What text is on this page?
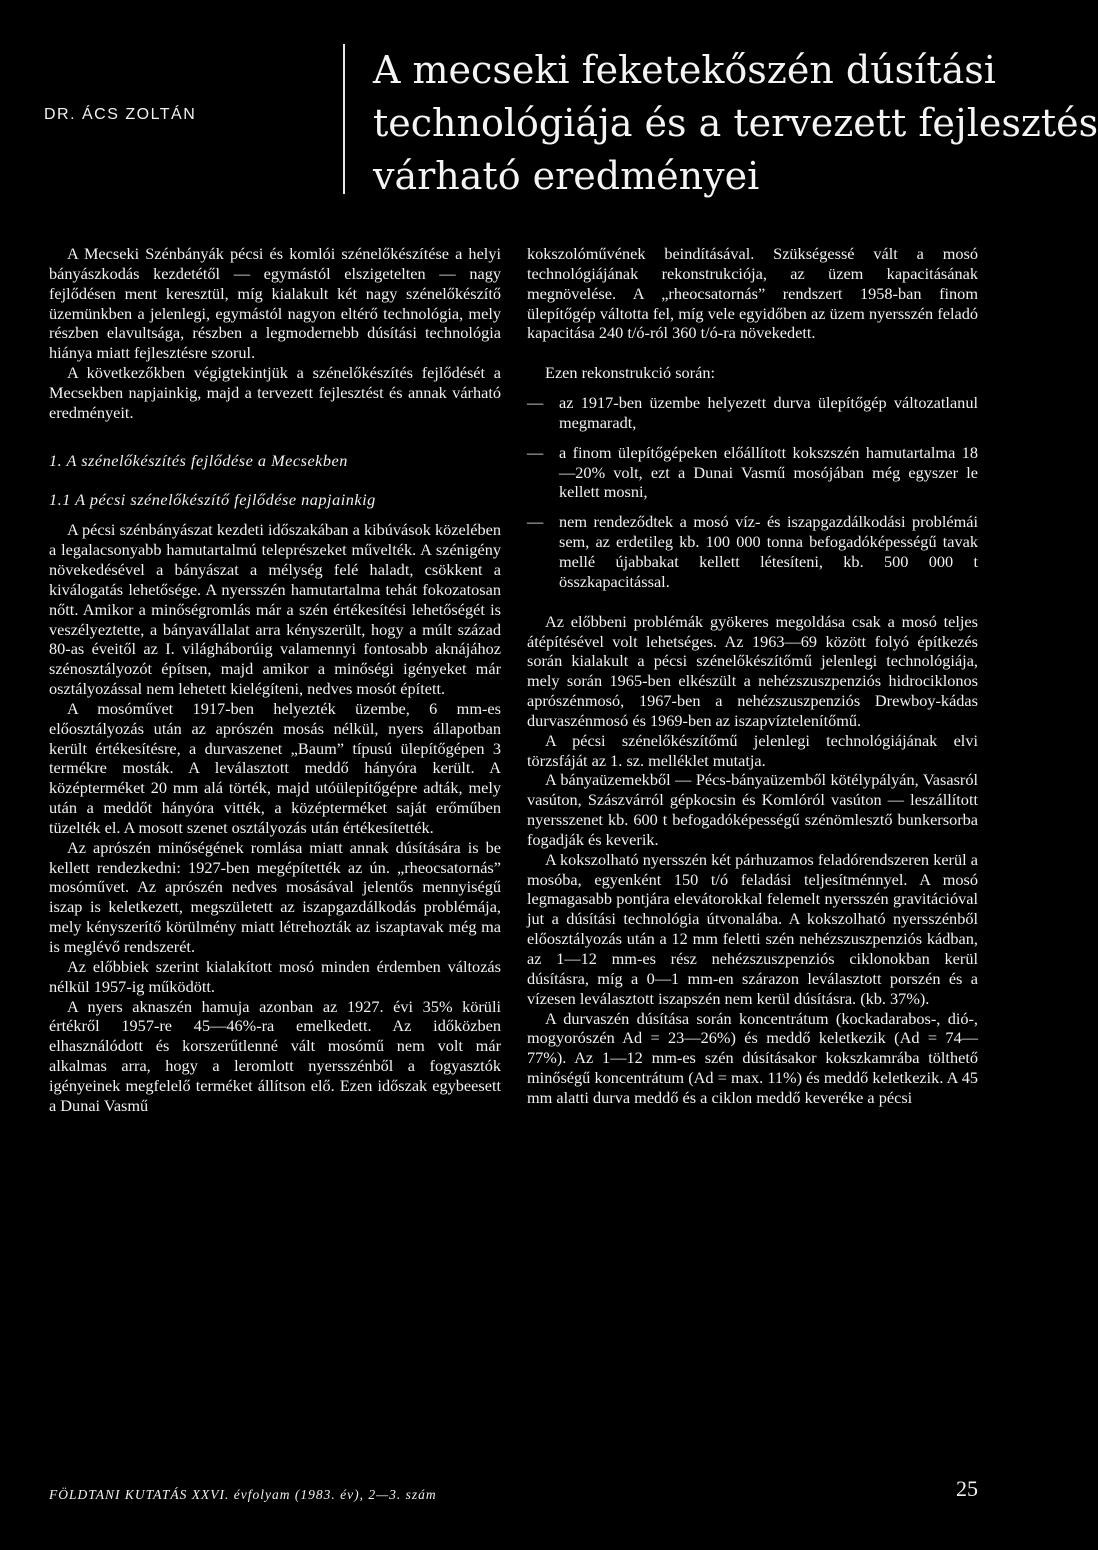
DR. ÁCS ZOLTÁN
A mecseki feketekőszén dúsítási
technológiája és a tervezett fejlesztés
várható eredményei

A Mecseki Szénbányák pécsi és komlói szénelőkészítése a helyi bányászkodás kezdetétől — egymástól elszigetelten — nagy fejlődésen ment keresztül, míg kialakult két nagy szénelőkészítő üzemünkben a jelenlegi, egymástól nagyon eltérő technológia, mely részben elavultsága, részben a legmodernebb dúsítási technológia hiánya miatt fejlesztésre szorul.

A következőkben végigtekintjük a szénelőkészítés fejlődését a Mecsekben napjainkig, majd a tervezett fejlesztést és annak várható eredményeit.

1. A szénelőkészítés fejlődése a Mecsekben
1.1 A pécsi szénelőkészítő fejlődése napjainkig

A pécsi szénbányászat kezdeti időszakában a kibúvások közelében a legalacsonyabb hamutartalmú teleprészeket művelték. A szénigény növekedésével a bányászat a mélység felé haladt, csökkent a kiválogatás lehetősége. A nyersszén hamutartalma tehát fokozatosan nőtt. Amikor a minőségromlás már a szén értékesítési lehetőségét is veszélyeztette, a bányavállalat arra kényszerült, hogy a múlt század 80-as éveitől az I. világháborúig valamennyi fontosabb aknájához szénosztályozót építsen, majd amikor a minőségi igényeket már osztályozással nem lehetett kielégíteni, nedves mosót épített.

A mosóművet 1917-ben helyezték üzembe, 6 mm-es előosztályozás után az aprószén mosás nélkül, nyers állapotban került értékesítésre, a durvaszenet „Baum” típusú ülepítőgépen 3 termékre mosták. A leválasztott meddő hányóra került. A középterméket 20 mm alá törték, majd utóülepítőgépre adták, mely után a meddőt hányóra vitték, a középterméket saját erőműben tüzelték el. A mosott szenet osztályozás után értékesítették.

Az aprószén minőségének romlása miatt annak dúsítására is be kellett rendezkedni: 1927-ben megépítették az ún. „rheocsatornás” mosóművet. Az aprószén nedves mosásával jelentős mennyiségű iszap is keletkezett, megszületett az iszapgazdálkodás problémája, mely kényszerítő körülmény miatt létrehozták az iszaptavak még ma is meglévő rendszerét.

Az előbbiek szerint kialakított mosó minden érdemben változás nélkül 1957-ig működött.

A nyers aknaszén hamuja azonban az 1927. évi 35% körüli értékről 1957-re 45—46%-ra emelkedett. Az időközben elhasználódott és korszerűtlenné vált mosómű nem volt már alkalmas arra, hogy a leromlott nyersszénből a fogyasztók igényeinek megfelelő terméket állítson elő. Ezen időszak egybeesett a Dunai Vasmű

kokszolóművének beindításával. Szükségessé vált a mosó technológiájának rekonstrukciója, az üzem kapacitásának megnövelése. A „rheocsatornás” rendszert 1958-ban finom ülepítőgép váltotta fel, míg vele egyidőben az üzem nyersszén feladó kapacitása 240 t/ó-ról 360 t/ó-ra növekedett.

Ezen rekonstrukció során:

— az 1917-ben üzembe helyezett durva ülepítőgép változatlanul megmaradt,
— a finom ülepítőgépeken előállított kokszszén hamutartalma 18—20% volt, ezt a Dunai Vasmű mosójában még egyszer le kellett mosni,
— nem rendeződtek a mosó víz- és iszapgazdálkodási problémái sem, az erdetileg kb. 100 000 tonna befogadóképességű tavak mellé újabbakat kellett létesíteni, kb. 500 000 t összkapacitással.

Az előbbeni problémák gyökeres megoldása csak a mosó teljes átépítésével volt lehetséges. Az 1963—69 között folyó építkezés során kialakult a pécsi szénelőkészítőmű jelenlegi technológiája, mely során 1965-ben elkészült a nehézszuszpenziós hidrociklonos aprószénmosó, 1967-ben a nehézszuszpenziós Drewboy-kádas durvaszénmosó és 1969-ben az iszapvíztelenítőmű.

A pécsi szénelőkészítőmű jelenlegi technológiájának elvi törzsfáját az 1. sz. melléklet mutatja.

A bányaüzemekből — Pécs-bányaüzemből kötélypályán, Vasasról vasúton, Szászvárról gépkocsin és Komlóról vasúton — leszállított nyersszenet kb. 600 t befogadóképességű szénömlesztő bunkersorba fogadják és keverik.

A kokszolható nyersszén két párhuzamos feladórendszeren kerül a mosóba, egyenként 150 t/ó feladási teljesítménnyel. A mosó legmagasabb pontjára elevátorokkal felemelt nyersszén gravitációval jut a dúsítási technológia útvonalába. A kokszolható nyersszénből előosztályozás után a 12 mm feletti szén nehézszuszpenziós kádban, az 1—12 mm-es rész nehézszuszpenziós ciklonokban kerül dúsításra, míg a 0—1 mm-en szárazon leválasztott porszén és a vízesen leválasztott iszapszén nem kerül dúsításra. (kb. 37%).

A durvaszén dúsítása során koncentrátum (kockadarabos-, dió-, mogyorószén Ad = 23—26%) és meddő keletkezik (Ad = 74—77%). Az 1—12 mm-es szén dúsításakor kokszkamrába tölthető minőségű koncentrátum (Ad = max. 11%) és meddő keletkezik. A 45 mm alatti durva meddő és a ciklon meddő keveréke a pécsi

FÖLDTANI KUTATÁS XXVI. évfolyam (1983. év), 2—3. szám	25
